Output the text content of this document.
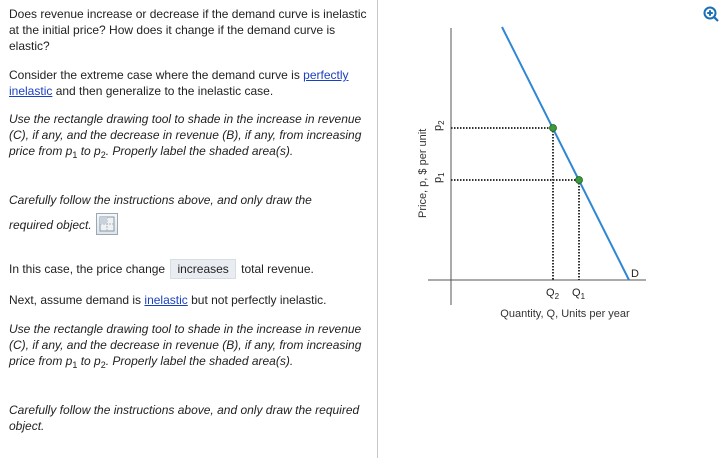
Does revenue increase or decrease if the demand curve is inelastic at the initial price? How does it change if the demand curve is elastic?

Consider the extreme case where the demand curve is perfectly inelastic and then generalize to the inelastic case.

Use the rectangle drawing tool to shade in the increase in revenue (C), if any, and the decrease in revenue (B), if any, from increasing price from $p_1$ to $p_2$. Properly label the shaded area(s).

Carefully follow the instructions above, and only draw the

required object.

In this case, the price change increases total revenue.

Next, assume demand is inelastic but not perfectly inelastic.

Use the rectangle drawing tool to shade in the increase in revenue (C), if any, and the decrease in revenue (B), if any, from increasing price from $p_1$ to $p_2$. Properly label the shaded area(s).

Carefully follow the instructions above, and only draw the required object.

$p_2$
$p_1$
Price, p, $ per unit
$Q_2$ $Q_1$
D
Quantity, Q, Units per year
